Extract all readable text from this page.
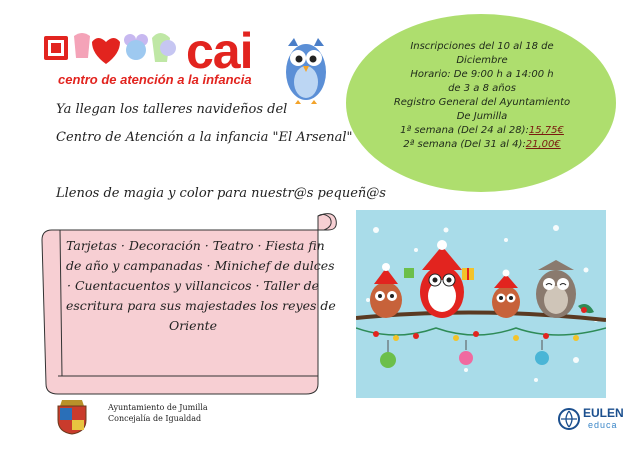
cai
centro de atención a la infancia
Inscripciones del 10 al 18 de
Diciembre
Horario: De 9:00 h a 14:00 h
de 3 a 8 años
Registro General del Ayuntamiento
De Jumilla
1ª semana (Del 24 al 28):15,75€
2ª semana (Del 31 al 4):21,00€
Ya llegan los talleres navideños del
Centro de Atención a la infancia "El Arsenal"
Llenos de magia y color para nuestr@s pequeñ@s
Tarjetas · Decoración · Teatro · Fiesta fin
de año y campanadas · Minichef de dulces
· Cuentacuentos y villancicos · Taller de
escritura para sus majestades los reyes de
Oriente
Ayuntamiento de Jumilla
Concejalía de Igualdad	EULEN
educa
